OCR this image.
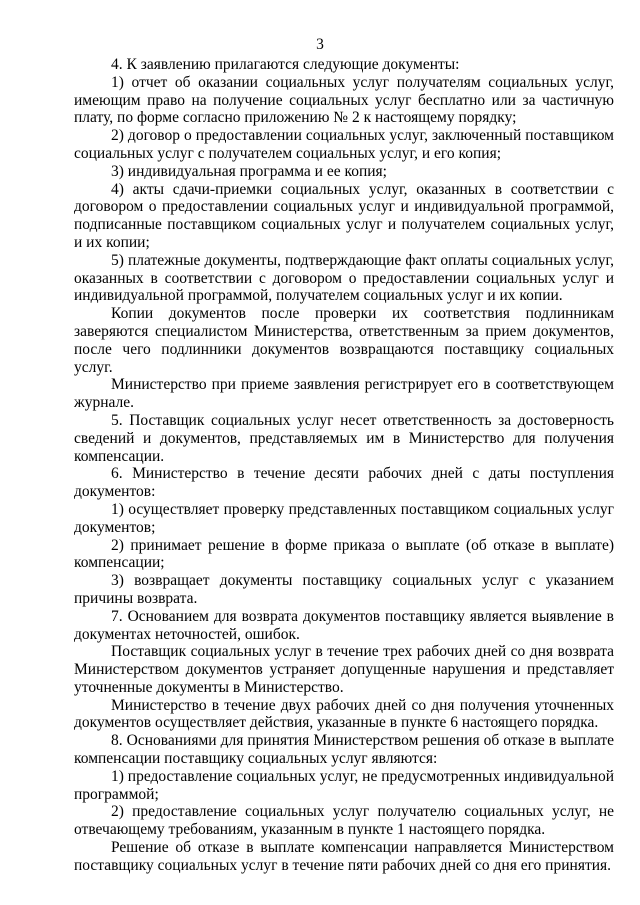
3

4. К заявлению прилагаются следующие документы:

1) отчет об оказании социальных услуг получателям социальных услуг, имеющим право на получение социальных услуг бесплатно или за частичную плату, по форме согласно приложению № 2 к настоящему порядку;

2) договор о предоставлении социальных услуг, заключенный поставщиком социальных услуг с получателем социальных услуг, и его копия;

3) индивидуальная программа и ее копия;

4) акты сдачи-приемки социальных услуг, оказанных в соответствии с договором о предоставлении социальных услуг и индивидуальной программой, подписанные поставщиком социальных услуг и получателем социальных услуг, и их копии;

5) платежные документы, подтверждающие факт оплаты социальных услуг, оказанных в соответствии с договором о предоставлении социальных услуг и индивидуальной программой, получателем социальных услуг и их копии.

Копии документов после проверки их соответствия подлинникам заверяются специалистом Министерства, ответственным за прием документов, после чего подлинники документов возвращаются поставщику социальных услуг.

Министерство при приеме заявления регистрирует его в соответствующем журнале.

5. Поставщик социальных услуг несет ответственность за достоверность сведений и документов, представляемых им в Министерство для получения компенсации.

6. Министерство в течение десяти рабочих дней с даты поступления документов:

1) осуществляет проверку представленных поставщиком социальных услуг документов;

2) принимает решение в форме приказа о выплате (об отказе в выплате) компенсации;

3) возвращает документы поставщику социальных услуг с указанием причины возврата.

7. Основанием для возврата документов поставщику является выявление в документах неточностей, ошибок.

Поставщик социальных услуг в течение трех рабочих дней со дня возврата Министерством документов устраняет допущенные нарушения и представляет уточненные документы в Министерство.

Министерство в течение двух рабочих дней со дня получения уточненных документов осуществляет действия, указанные в пункте 6 настоящего порядка.

8. Основаниями для принятия Министерством решения об отказе в выплате компенсации поставщику социальных услуг являются:

1) предоставление социальных услуг, не предусмотренных индивидуальной программой;

2) предоставление социальных услуг получателю социальных услуг, не отвечающему требованиям, указанным в пункте 1 настоящего порядка.

Решение об отказе в выплате компенсации направляется Министерством поставщику социальных услуг в течение пяти рабочих дней со дня его принятия.
